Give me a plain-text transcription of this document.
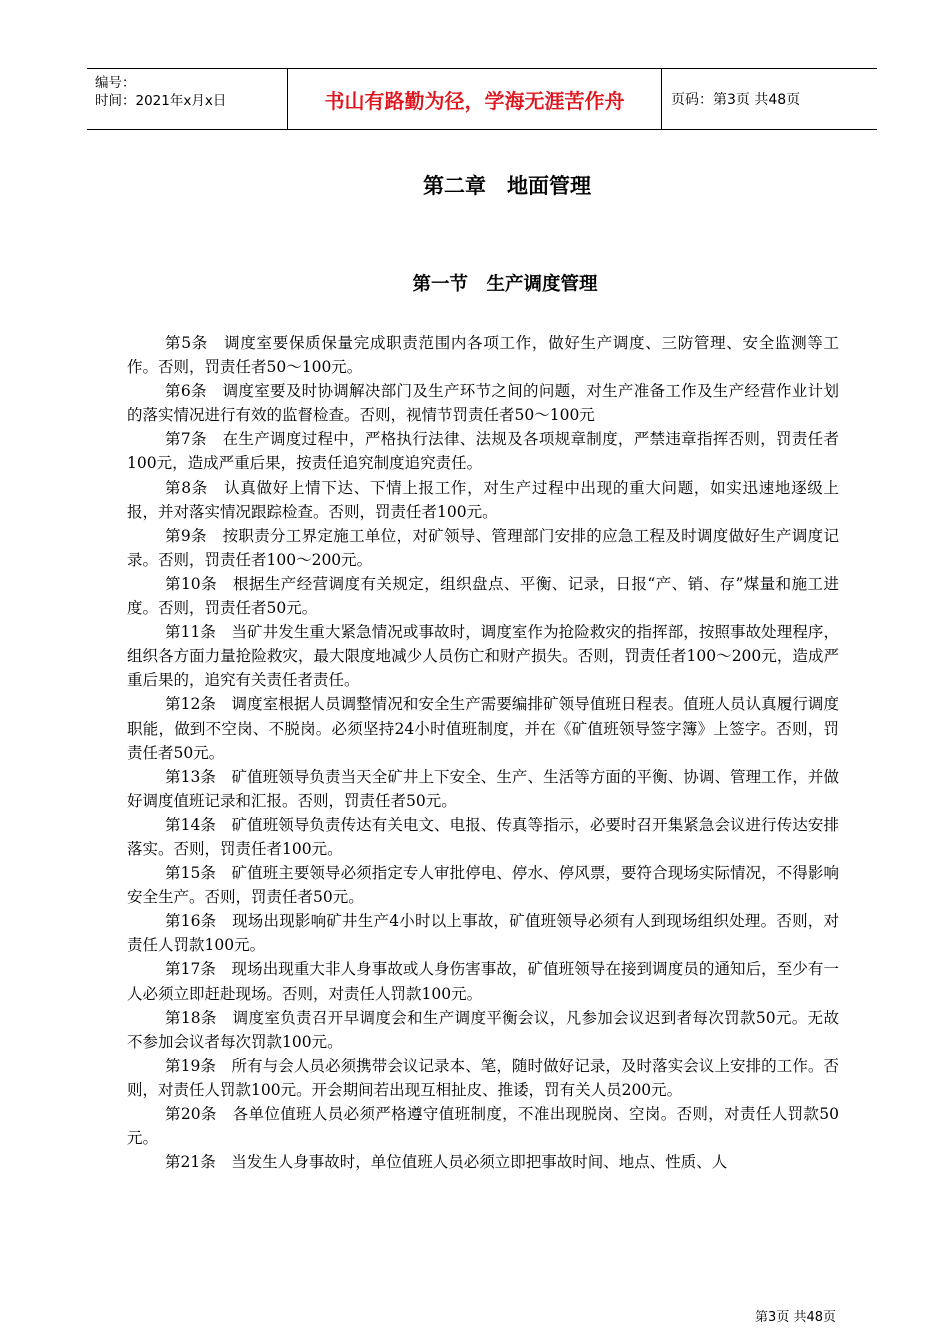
编号：
时间：2021年x月x日	书山有路勤为径，学海无涯苦作舟	页码：第3页 共48页
第二章　地面管理
第一节　生产调度管理

第5条　调度室要保质保量完成职责范围内各项工作，做好生产调度、三防管理、安全监测等工作。否则，罚责任者50～100元。

第6条　调度室要及时协调解决部门及生产环节之间的问题，对生产准备工作及生产经营作业计划的落实情况进行有效的监督检查。否则，视情节罚责任者50～100元

第7条　在生产调度过程中，严格执行法律、法规及各项规章制度，严禁违章指挥否则，罚责任者100元，造成严重后果，按责任追究制度追究责任。

第8条　认真做好上情下达、下情上报工作，对生产过程中出现的重大问题，如实迅速地逐级上报，并对落实情况跟踪检查。否则，罚责任者100元。

第9条　按职责分工界定施工单位，对矿领导、管理部门安排的应急工程及时调度做好生产调度记录。否则，罚责任者100～200元。

第10条　根据生产经营调度有关规定，组织盘点、平衡、记录，日报“产、销、存”煤量和施工进度。否则，罚责任者50元。

第11条　当矿井发生重大紧急情况或事故时，调度室作为抢险救灾的指挥部，按照事故处理程序，组织各方面力量抢险救灾，最大限度地减少人员伤亡和财产损失。否则，罚责任者100～200元，造成严重后果的，追究有关责任者责任。

第12条　调度室根据人员调整情况和安全生产需要编排矿领导值班日程表。值班人员认真履行调度职能，做到不空岗、不脱岗。必须坚持24小时值班制度，并在《矿值班领导签字簿》上签字。否则，罚责任者50元。

第13条　矿值班领导负责当天全矿井上下安全、生产、生活等方面的平衡、协调、管理工作，并做好调度值班记录和汇报。否则，罚责任者50元。

第14条　矿值班领导负责传达有关电文、电报、传真等指示，必要时召开集紧急会议进行传达安排落实。否则，罚责任者100元。

第15条　矿值班主要领导必须指定专人审批停电、停水、停风票，要符合现场实际情况，不得影响安全生产。否则，罚责任者50元。

第16条　现场出现影响矿井生产4小时以上事故，矿值班领导必须有人到现场组织处理。否则，对责任人罚款100元。

第17条　现场出现重大非人身事故或人身伤害事故，矿值班领导在接到调度员的通知后，至少有一人必须立即赶赴现场。否则，对责任人罚款100元。

第18条　调度室负责召开早调度会和生产调度平衡会议，凡参加会议迟到者每次罚款50元。无故不参加会议者每次罚款100元。

第19条　所有与会人员必须携带会议记录本、笔，随时做好记录，及时落实会议上安排的工作。否则，对责任人罚款100元。开会期间若出现互相扯皮、推诿，罚有关人员200元。

第20条　各单位值班人员必须严格遵守值班制度，不准出现脱岗、空岗。否则，对责任人罚款50元。

第21条　当发生人身事故时，单位值班人员必须立即把事故时间、地点、性质、人

第3页 共48页
